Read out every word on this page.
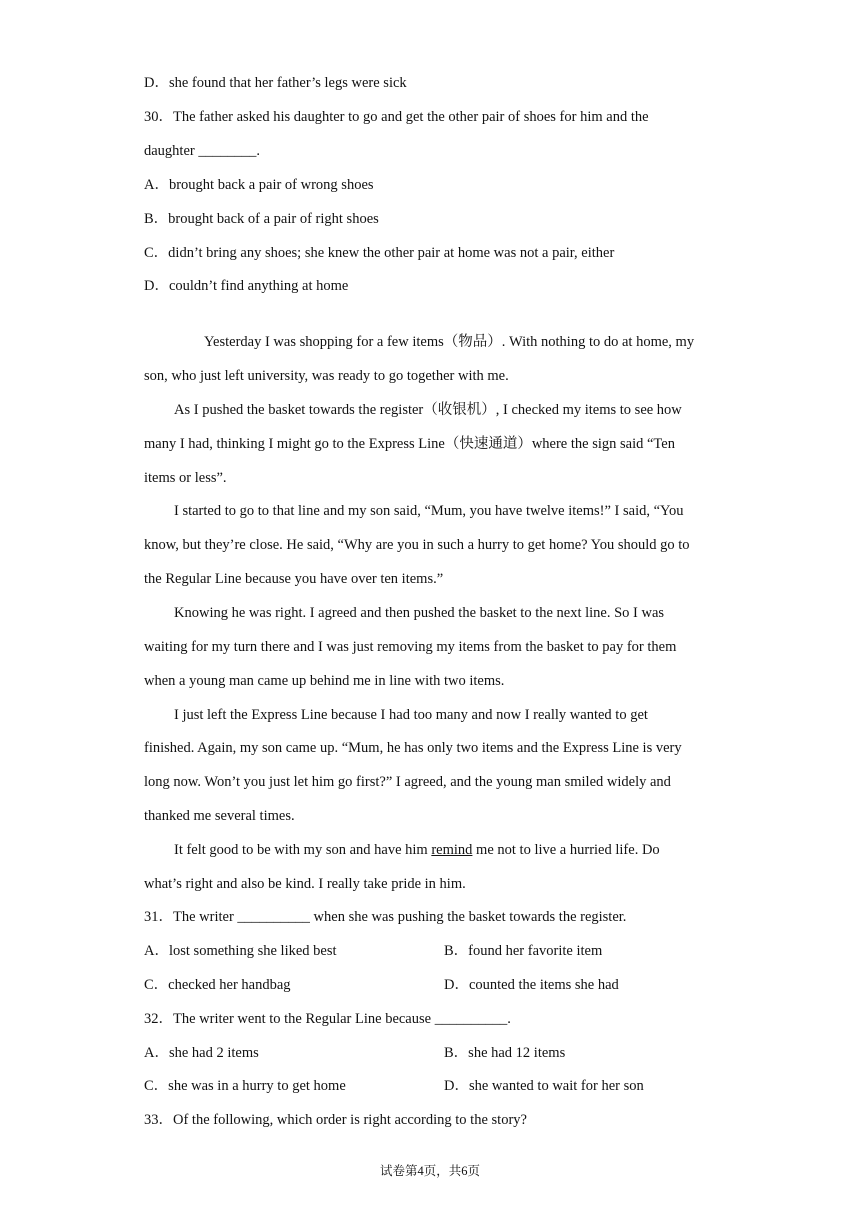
D．she found that her father’s legs were sick
30．The father asked his daughter to go and get the other pair of shoes for him and the
daughter ________.
A．brought back a pair of wrong shoes
B．brought back of a pair of right shoes
C．didn’t bring any shoes; she knew the other pair at home was not a pair, either
D．couldn’t find anything at home
Yesterday I was shopping for a few items（物品）. With nothing to do at home, my
son, who just left university, was ready to go together with me.
As I pushed the basket towards the register（收银机）, I checked my items to see how
many I had, thinking I might go to the Express Line（快速通道）where the sign said “Ten
items or less”.
I started to go to that line and my son said, “Mum, you have twelve items!” I said, “You
know, but they’re close. He said, “Why are you in such a hurry to get home? You should go to
the Regular Line because you have over ten items.”
Knowing he was right. I agreed and then pushed the basket to the next line. So I was
waiting for my turn there and I was just removing my items from the basket to pay for them
when a young man came up behind me in line with two items.
I just left the Express Line because I had too many and now I really wanted to get
finished. Again, my son came up. “Mum, he has only two items and the Express Line is very
long now. Won’t you just let him go first?” I agreed, and the young man smiled widely and
thanked me several times.
It felt good to be with my son and have him remind me not to live a hurried life. Do
what’s right and also be kind. I really take pride in him.
31．The writer __________ when she was pushing the basket towards the register.
A．lost something she liked best	B．found her favorite item
C．checked her handbag	D．counted the items she had
32．The writer went to the Regular Line because __________.
A．she had 2 items	B．she had 12 items
C．she was in a hurry to get home	D．she wanted to wait for her son
33．Of the following, which order is right according to the story?
试卷第4页，共6页
